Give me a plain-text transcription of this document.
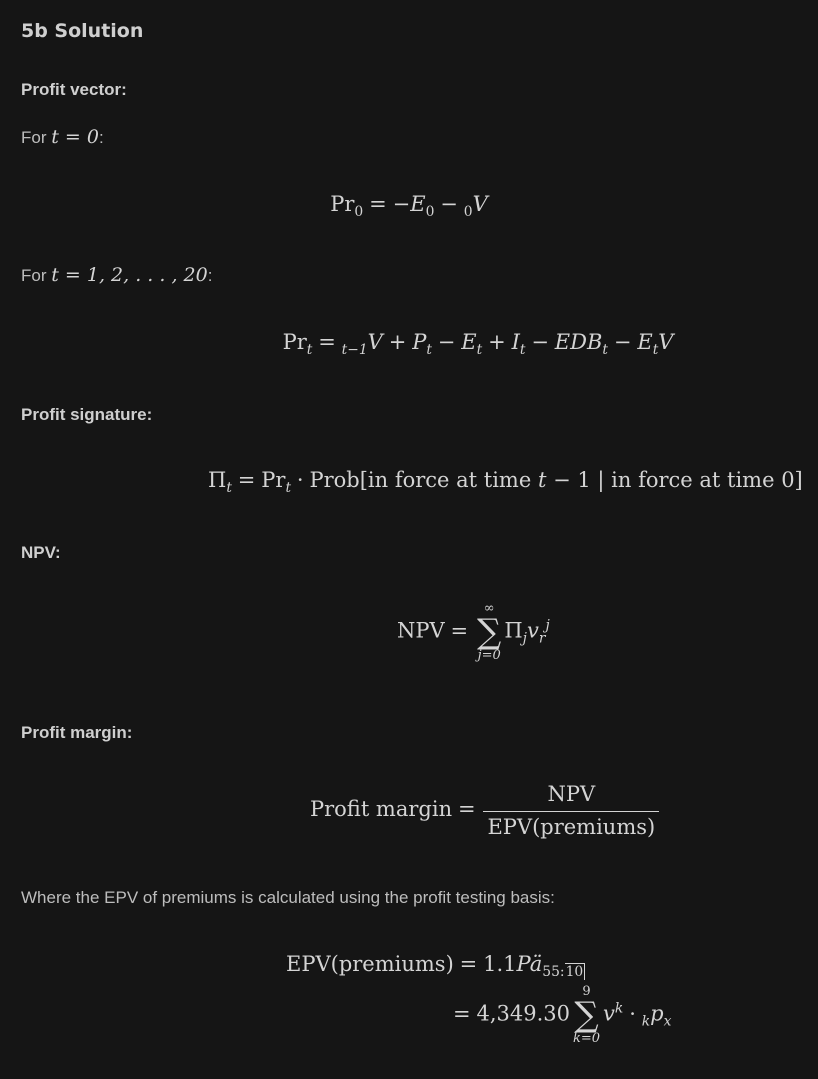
5b Solution
Profit vector:
For t = 0:
$Pr_0 = -E_0 - _0V$
For t = 1, 2, . . . , 20:
$Pr_t = _{t-1}V + P_t - E_t + I_t - EDB_t - E_tV$
Profit signature:
$\Pi_t = Pr_t$ · Prob[in force at time t − 1 | in force at time 0]
NPV:
NPV =
∞
∑
j=0
$\Pi_jv_r^j$
Profit margin:
Profit margin = $\frac{\text{NPV}}{\text{EPV(premiums)}}$
Where the EPV of premiums is calculated using the profit testing basis:
EPV(premiums) = $1.1Pä_{55:10}$
= 4,349.30
9
∑
k=0
$v^k \cdot _kp_x$
